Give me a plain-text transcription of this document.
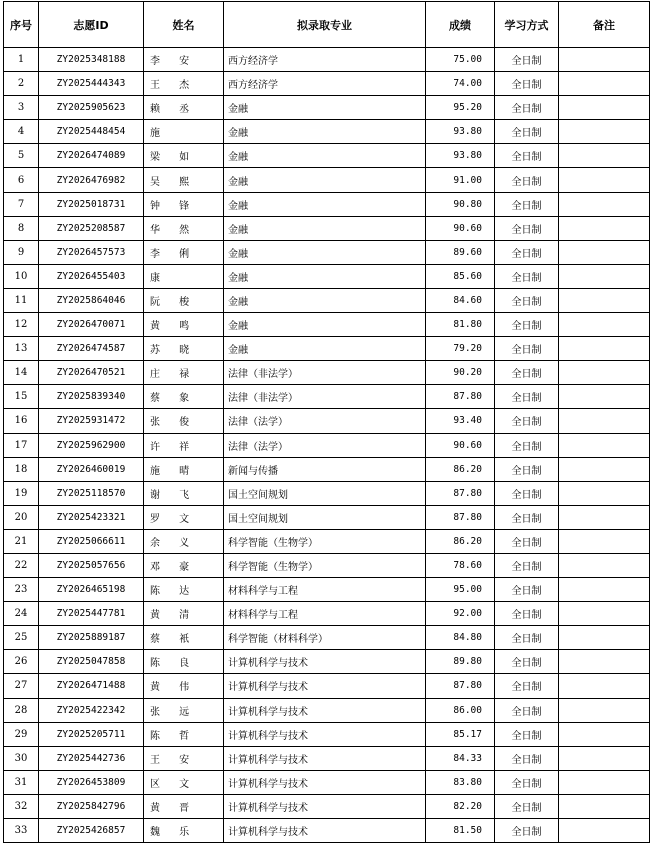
序号	志愿ID	姓名	拟录取专业	成绩	学习方式	备注
1	ZY2025348188	李 安	西方经济学	75.00	全日制	
2	ZY2025444343	王 杰	西方经济学	74.00	全日制	
3	ZY2025905623	赖 丞	金融	95.20	全日制	
4	ZY2025448454	施	金融	93.80	全日制	
5	ZY2026474089	梁 如	金融	93.80	全日制	
6	ZY2026476982	吴 熙	金融	91.00	全日制	
7	ZY2025018731	钟 锋	金融	90.80	全日制	
8	ZY2025208587	华 然	金融	90.60	全日制	
9	ZY2026457573	李 俐	金融	89.60	全日制	
10	ZY2026455403	康	金融	85.60	全日制	
11	ZY2025864046	阮 梭	金融	84.60	全日制	
12	ZY2026470071	黄 鸣	金融	81.80	全日制	
13	ZY2026474587	苏 晓	金融	79.20	全日制	
14	ZY2026470521	庄 禄	法律（非法学）	90.20	全日制	
15	ZY2025839340	蔡 象	法律（非法学）	87.80	全日制	
16	ZY2025931472	张 俊	法律（法学）	93.40	全日制	
17	ZY2025962900	许 祥	法律（法学）	90.60	全日制	
18	ZY2026460019	施 晴	新闻与传播	86.20	全日制	
19	ZY2025118570	谢 飞	国土空间规划	87.80	全日制	
20	ZY2025423321	罗 文	国土空间规划	87.80	全日制	
21	ZY2025066611	余 义	科学智能（生物学）	86.20	全日制	
22	ZY2025057656	邓 豪	科学智能（生物学）	78.60	全日制	
23	ZY2026465198	陈 达	材料科学与工程	95.00	全日制	
24	ZY2025447781	黄 清	材料科学与工程	92.00	全日制	
25	ZY2025889187	蔡 衹	科学智能（材料科学）	84.80	全日制	
26	ZY2025047858	陈 良	计算机科学与技术	89.80	全日制	
27	ZY2026471488	黄 伟	计算机科学与技术	87.80	全日制	
28	ZY2025422342	张 远	计算机科学与技术	86.00	全日制	
29	ZY2025205711	陈 哲	计算机科学与技术	85.17	全日制	
30	ZY2025442736	王 安	计算机科学与技术	84.33	全日制	
31	ZY2026453809	区 文	计算机科学与技术	83.80	全日制	
32	ZY2025842796	黄 晋	计算机科学与技术	82.20	全日制	
33	ZY2025426857	魏 乐	计算机科学与技术	81.50	全日制	
